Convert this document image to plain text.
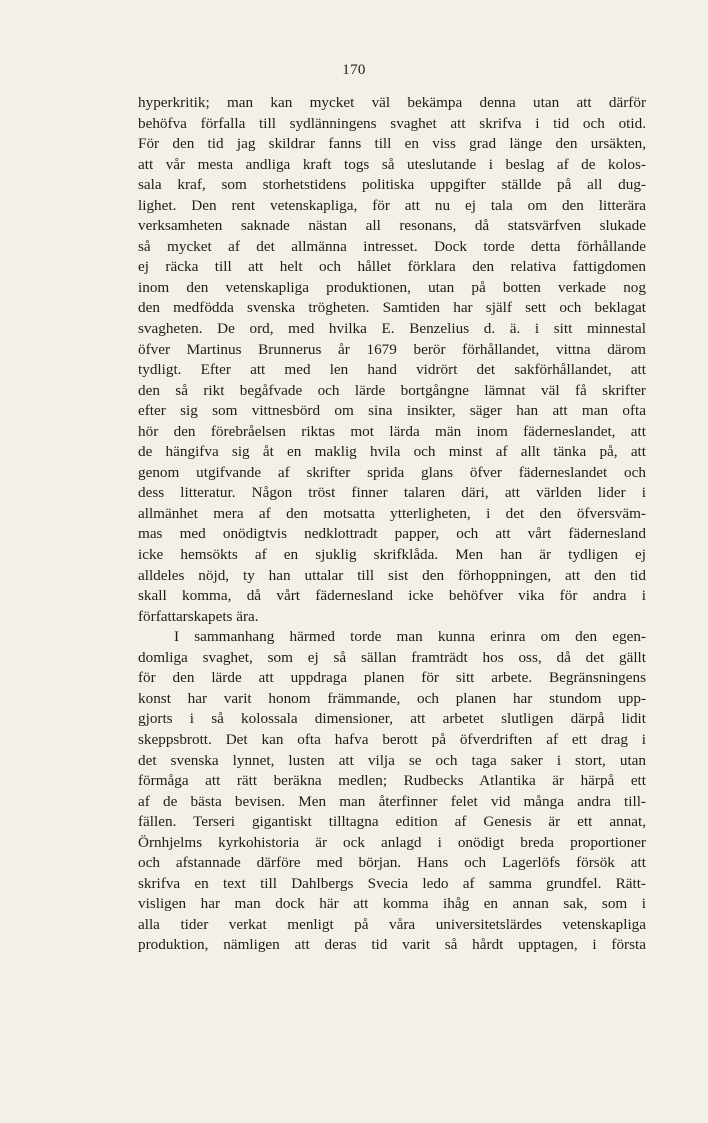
170
hyperkritik; man kan mycket väl bekämpa denna utan att därför
behöfva förfalla till sydlänningens svaghet att skrifva i tid och otid.
För den tid jag skildrar fanns till en viss grad länge den ursäkten,
att vår mesta andliga kraft togs så uteslutande i beslag af de kolos-
sala kraf, som storhetstidens politiska uppgifter ställde på all dug-
lighet. Den rent vetenskapliga, för att nu ej tala om den litterära
verksamheten saknade nästan all resonans, då statsvärfven slukade
så mycket af det allmänna intresset. Dock torde detta förhållande
ej räcka till att helt och hållet förklara den relativa fattigdomen
inom den vetenskapliga produktionen, utan på botten verkade nog
den medfödda svenska trögheten. Samtiden har själf sett och beklagat
svagheten. De ord, med hvilka E. Benzelius d. ä. i sitt minnestal
öfver Martinus Brunnerus år 1679 berör förhållandet, vittna därom
tydligt. Efter att med len hand vidrört det sakförhållandet, att
den så rikt begåfvade och lärde bortgångne lämnat väl få skrifter
efter sig som vittnesbörd om sina insikter, säger han att man ofta
hör den förebråelsen riktas mot lärda män inom fäderneslandet, att
de hängifva sig åt en maklig hvila och minst af allt tänka på, att
genom utgifvande af skrifter sprida glans öfver fäderneslandet och
dess litteratur. Någon tröst finner talaren däri, att världen lider i
allmänhet mera af den motsatta ytterligheten, i det den öfversväm-
mas med onödigtvis nedklottradt papper, och att vårt fädernesland
icke hemsökts af en sjuklig skrifklåda. Men han är tydligen ej
alldeles nöjd, ty han uttalar till sist den förhoppningen, att den tid
skall komma, då vårt fädernesland icke behöfver vika för andra i
författarskapets ära.
I sammanhang härmed torde man kunna erinra om den egen-
domliga svaghet, som ej så sällan framträdt hos oss, då det gällt
för den lärde att uppdraga planen för sitt arbete. Begränsningens
konst har varit honom främmande, och planen har stundom upp-
gjorts i så kolossala dimensioner, att arbetet slutligen därpå lidit
skeppsbrott. Det kan ofta hafva berott på öfverdriften af ett drag i
det svenska lynnet, lusten att vilja se och taga saker i stort, utan
förmåga att rätt beräkna medlen; Rudbecks Atlantika är härpå ett
af de bästa bevisen. Men man återfinner felet vid många andra till-
fällen. Terseri gigantiskt tilltagna edition af Genesis är ett annat,
Örnhjelms kyrkohistoria är ock anlagd i onödigt breda proportioner
och afstannade därföre med början. Hans och Lagerlöfs försök att
skrifva en text till Dahlbergs Svecia ledo af samma grundfel. Rätt-
visligen har man dock här att komma ihåg en annan sak, som i
alla tider verkat menligt på våra universitetslärdes vetenskapliga
produktion, nämligen att deras tid varit så hårdt upptagen, i första
